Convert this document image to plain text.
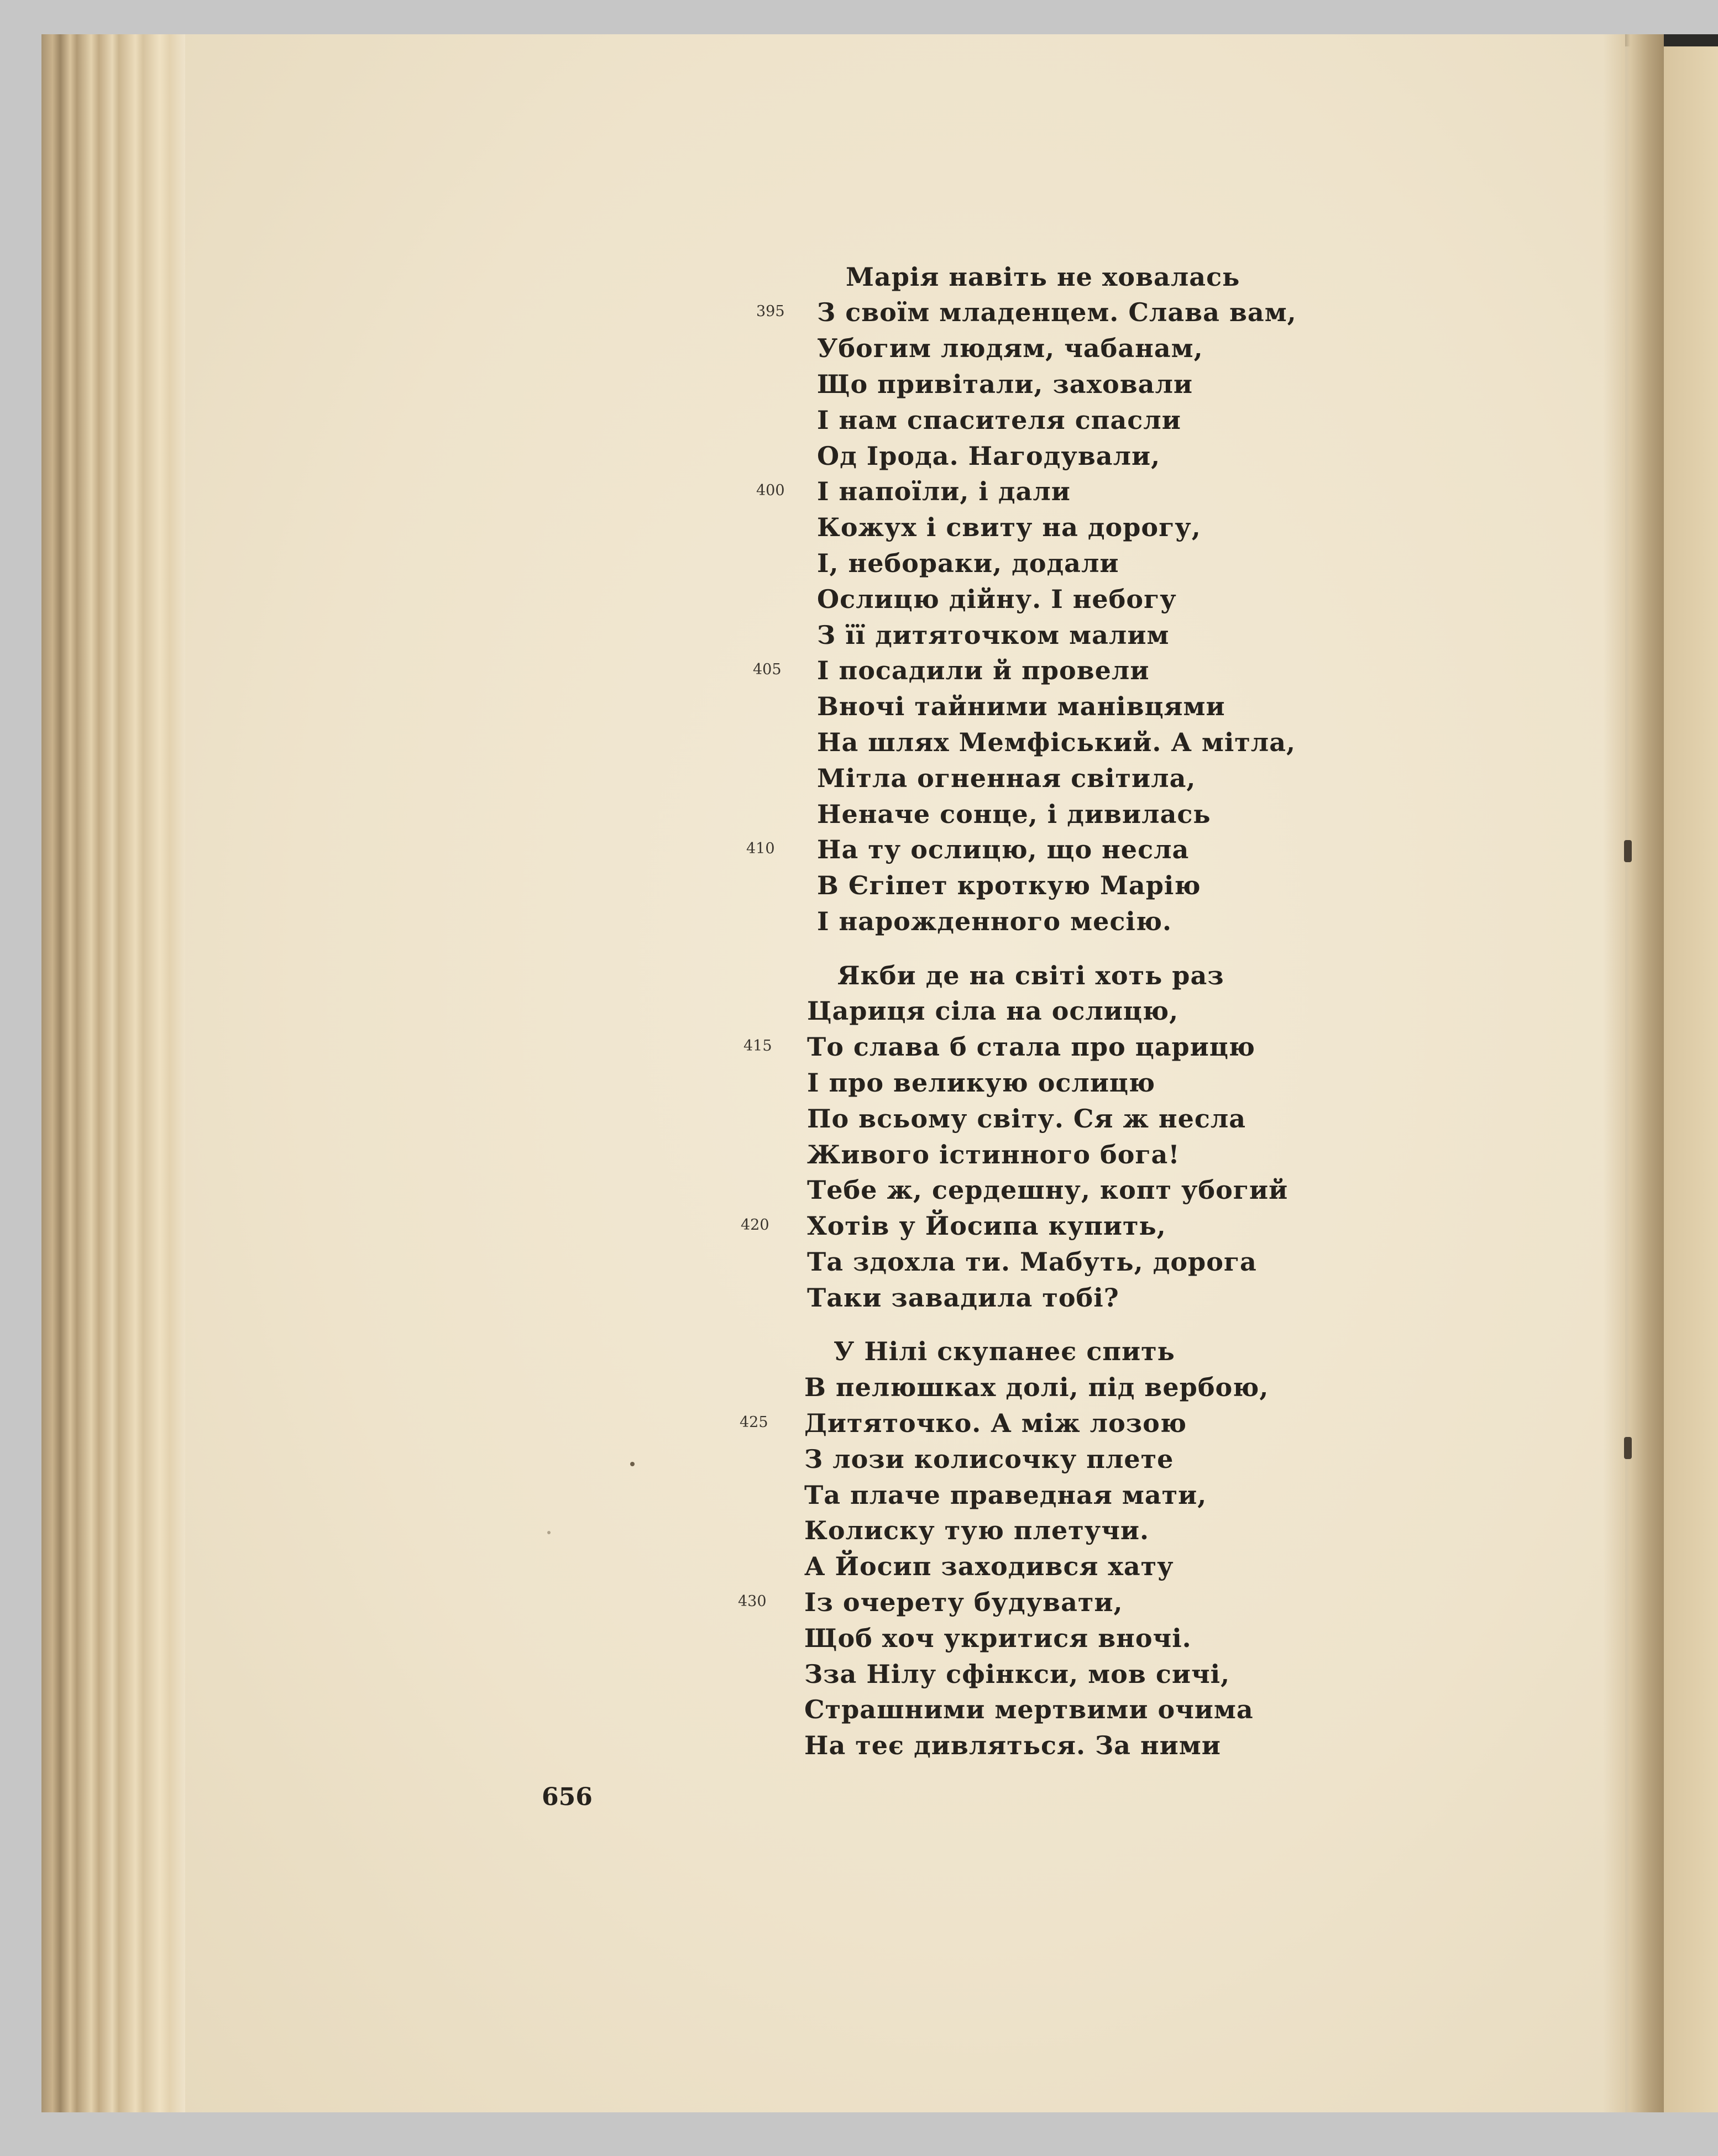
Марія навіть не ховалась

З своїм младенцем. Слава вам,

Убогим людям, чабанам,

Що привітали, заховали

І нам спасителя спасли

Од Ірода. Нагодували,

І напоїли, і дали

Кожух і свиту на дорогу,

І, небораки, додали

Ослицю дійну. І небогу

З її дитяточком малим

І посадили й провели

Вночі тайними манівцями

На шлях Мемфіський. А мітла,

Мітла огненная світила,

Неначе сонце, і дивилась

На ту ослицю, що несла

В Єгіпет кроткую Марію

І нарожденного месію.

Якби де на світі хоть раз

Цариця сіла на ослицю,

То слава б стала про царицю

І про великую ослицю

По всьому світу. Ся ж несла

Живого істинного бога!

Тебе ж, сердешну, копт убогий

Хотів у Йосипа купить,

Та здохла ти. Мабуть, дорога

Таки завадила тобі?

У Нілі скупанеє спить

В пелюшках долі, під вербою,

Дитяточко. А між лозою

З лози колисочку плете

Та плаче праведная мати,

Колиску тую плетучи.

А Йосип заходився хату

Із очерету будувати,

Щоб хоч укритися вночі.

Зза Нілу сфінкси, мов сичі,

Страшними мертвими очима

На теє дивляться. За ними

395

400

405

410

415

420

425

430

656
